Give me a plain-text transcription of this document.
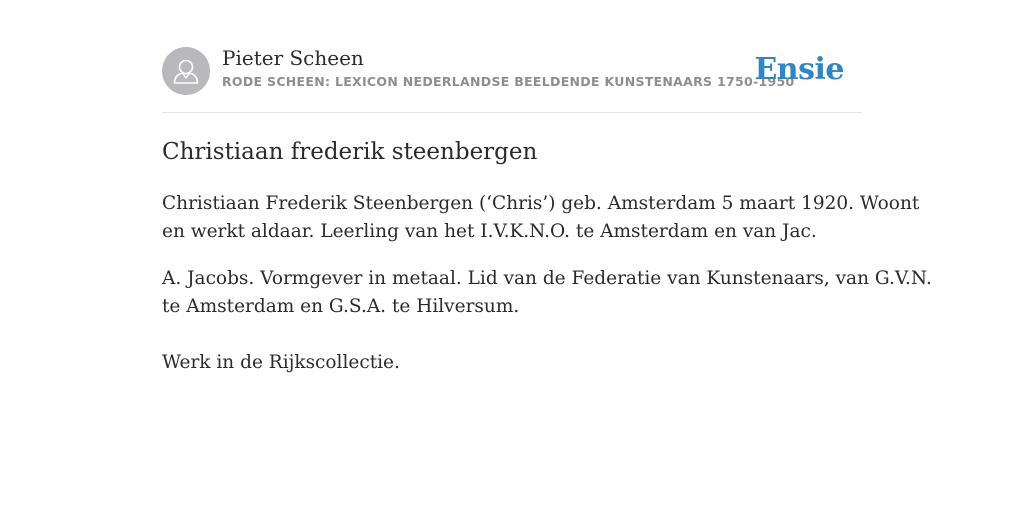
Pieter Scheen
RODE SCHEEN: LEXICON NEDERLANDSE BEELDENDE KUNSTENAARS 1750-1950
Ensie
Christiaan frederik steenbergen

Christiaan Frederik Steenbergen (‘Chris’) geb. Amsterdam 5 maart 1920. Woont
en werkt aldaar. Leerling van het I.V.K.N.O. te Amsterdam en van Jac.

A. Jacobs. Vormgever in metaal. Lid van de Federatie van Kunstenaars, van G.V.N.
te Amsterdam en G.S.A. te Hilversum.

Werk in de Rijkscollectie.
